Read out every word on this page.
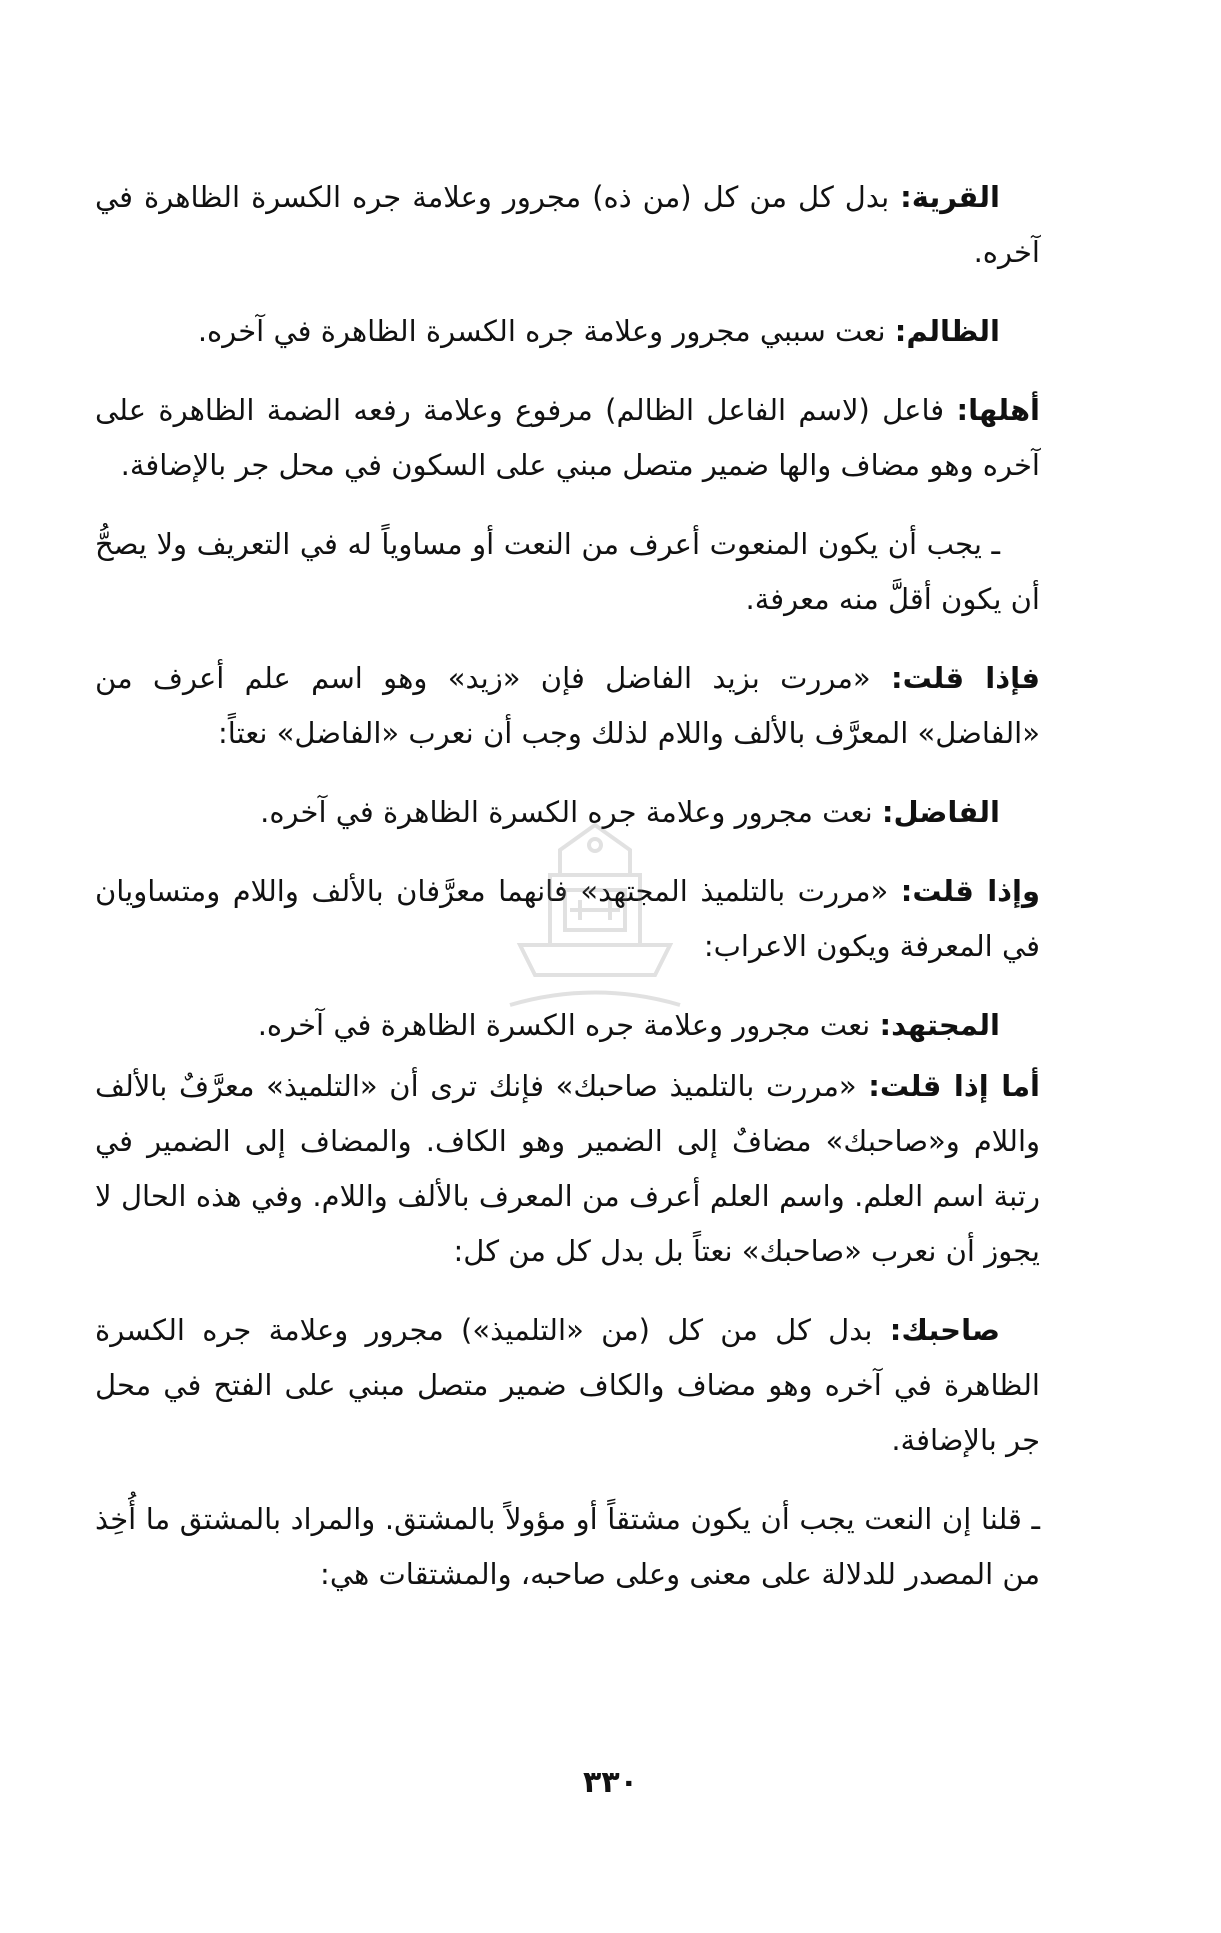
القرية: بدل كل من كل (من ذه) مجرور وعلامة جره الكسرة الظاهرة في آخره.

الظالم: نعت سببي مجرور وعلامة جره الكسرة الظاهرة في آخره.

أهلها: فاعل (لاسم الفاعل الظالم) مرفوع وعلامة رفعه الضمة الظاهرة على آخره وهو مضاف والها ضمير متصل مبني على السكون في محل جر بالإضافة.

ـ يجب أن يكون المنعوت أعرف من النعت أو مساوياً له في التعريف ولا يصحُّ أن يكون أقلَّ منه معرفة.

فإذا قلت: «مررت بزيد الفاضل فإن «زيد» وهو اسم علم أعرف من «الفاضل» المعرَّف بالألف واللام لذلك وجب أن نعرب «الفاضل» نعتاً:

الفاضل: نعت مجرور وعلامة جره الكسرة الظاهرة في آخره.

وإذا قلت: «مررت بالتلميذ المجتهد» فانهما معرَّفان بالألف واللام ومتساويان في المعرفة ويكون الاعراب:

المجتهد: نعت مجرور وعلامة جره الكسرة الظاهرة في آخره.

أما إذا قلت: «مررت بالتلميذ صاحبك» فإنك ترى أن «التلميذ» معرَّفٌ بالألف واللام و«صاحبك» مضافٌ إلى الضمير وهو الكاف. والمضاف إلى الضمير في رتبة اسم العلم. واسم العلم أعرف من المعرف بالألف واللام. وفي هذه الحال لا يجوز أن نعرب «صاحبك» نعتاً بل بدل كل من كل:

صاحبك: بدل كل من كل (من «التلميذ») مجرور وعلامة جره الكسرة الظاهرة في آخره وهو مضاف والكاف ضمير متصل مبني على الفتح في محل جر بالإضافة.

ـ قلنا إن النعت يجب أن يكون مشتقاً أو مؤولاً بالمشتق. والمراد بالمشتق ما أُخِذ من المصدر للدلالة على معنى وعلى صاحبه، والمشتقات هي:

٣٣٠
